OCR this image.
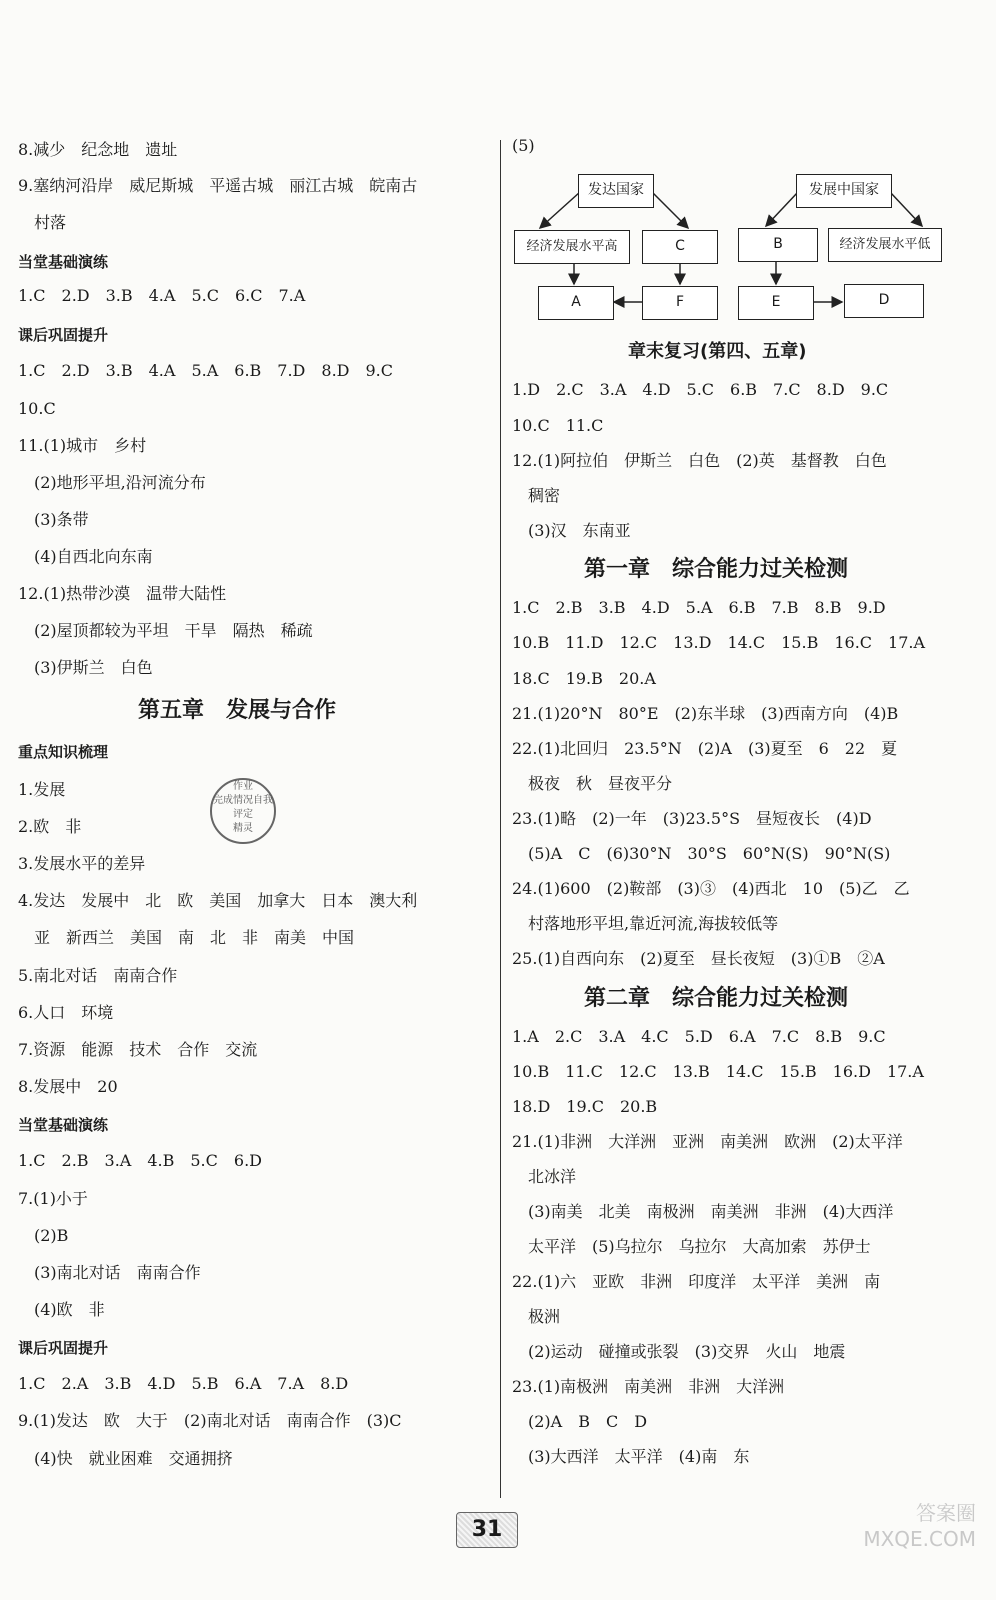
8.减少　纪念地　遗址
9.塞纳河沿岸　威尼斯城　平遥古城　丽江古城　皖南古
　村落
当堂基础演练
1.C　2.D　3.B　4.A　5.C　6.C　7.A
课后巩固提升
1.C　2.D　3.B　4.A　5.A　6.B　7.D　8.D　9.C
10.C
11.(1)城市　乡村
　(2)地形平坦,沿河流分布
　(3)条带
　(4)自西北向东南
12.(1)热带沙漠　温带大陆性
　(2)屋顶都较为平坦　干旱　隔热　稀疏
　(3)伊斯兰　白色
第五章　发展与合作
重点知识梳理
1.发展
2.欧　非
3.发展水平的差异
4.发达　发展中　北　欧　美国　加拿大　日本　澳大利
　亚　新西兰　美国　南　北　非　南美　中国
5.南北对话　南南合作
6.人口　环境
7.资源　能源　技术　合作　交流
8.发展中　20
当堂基础演练
1.C　2.B　3.A　4.B　5.C　6.D
7.(1)小于
　(2)B
　(3)南北对话　南南合作
　(4)欧　非
课后巩固提升
1.C　2.A　3.B　4.D　5.B　6.A　7.A　8.D
9.(1)发达　欧　大于　(2)南北对话　南南合作　(3)C
　(4)快　就业困难　交通拥挤
(5)
章末复习(第四、五章)
1.D　2.C　3.A　4.D　5.C　6.B　7.C　8.D　9.C
10.C　11.C
12.(1)阿拉伯　伊斯兰　白色　(2)英　基督教　白色
　稠密
　(3)汉　东南亚
第一章　综合能力过关检测
1.C　2.B　3.B　4.D　5.A　6.B　7.B　8.B　9.D
10.B　11.D　12.C　13.D　14.C　15.B　16.C　17.A
18.C　19.B　20.A
21.(1)20°N　80°E　(2)东半球　(3)西南方向　(4)B
22.(1)北回归　23.5°N　(2)A　(3)夏至　6　22　夏
　极夜　秋　昼夜平分
23.(1)略　(2)一年　(3)23.5°S　昼短夜长　(4)D
　(5)A　C　(6)30°N　30°S　60°N(S)　90°N(S)
24.(1)600　(2)鞍部　(3)③　(4)西北　10　(5)乙　乙
　村落地形平坦,靠近河流,海拔较低等
25.(1)自西向东　(2)夏至　昼长夜短　(3)①B　②A
第二章　综合能力过关检测
1.A　2.C　3.A　4.C　5.D　6.A　7.C　8.B　9.C
10.B　11.C　12.C　13.B　14.C　15.B　16.D　17.A
18.D　19.C　20.B
21.(1)非洲　大洋洲　亚洲　南美洲　欧洲　(2)太平洋
　北冰洋
　(3)南美　北美　南极洲　南美洲　非洲　(4)大西洋
　太平洋　(5)乌拉尔　乌拉尔　大高加索　苏伊士
22.(1)六　亚欧　非洲　印度洋　太平洋　美洲　南
　极洲
　(2)运动　碰撞或张裂　(3)交界　火山　地震
23.(1)南极洲　南美洲　非洲　大洋洲
　(2)A　B　C　D
　(3)大西洋　太平洋　(4)南　东
发达国家
经济发展水平高	C
A	F
发展中国家
B	经济发展水平低
E	D
作业
完成情况自我评定
精灵
31
答案圈
MXQE.COM
